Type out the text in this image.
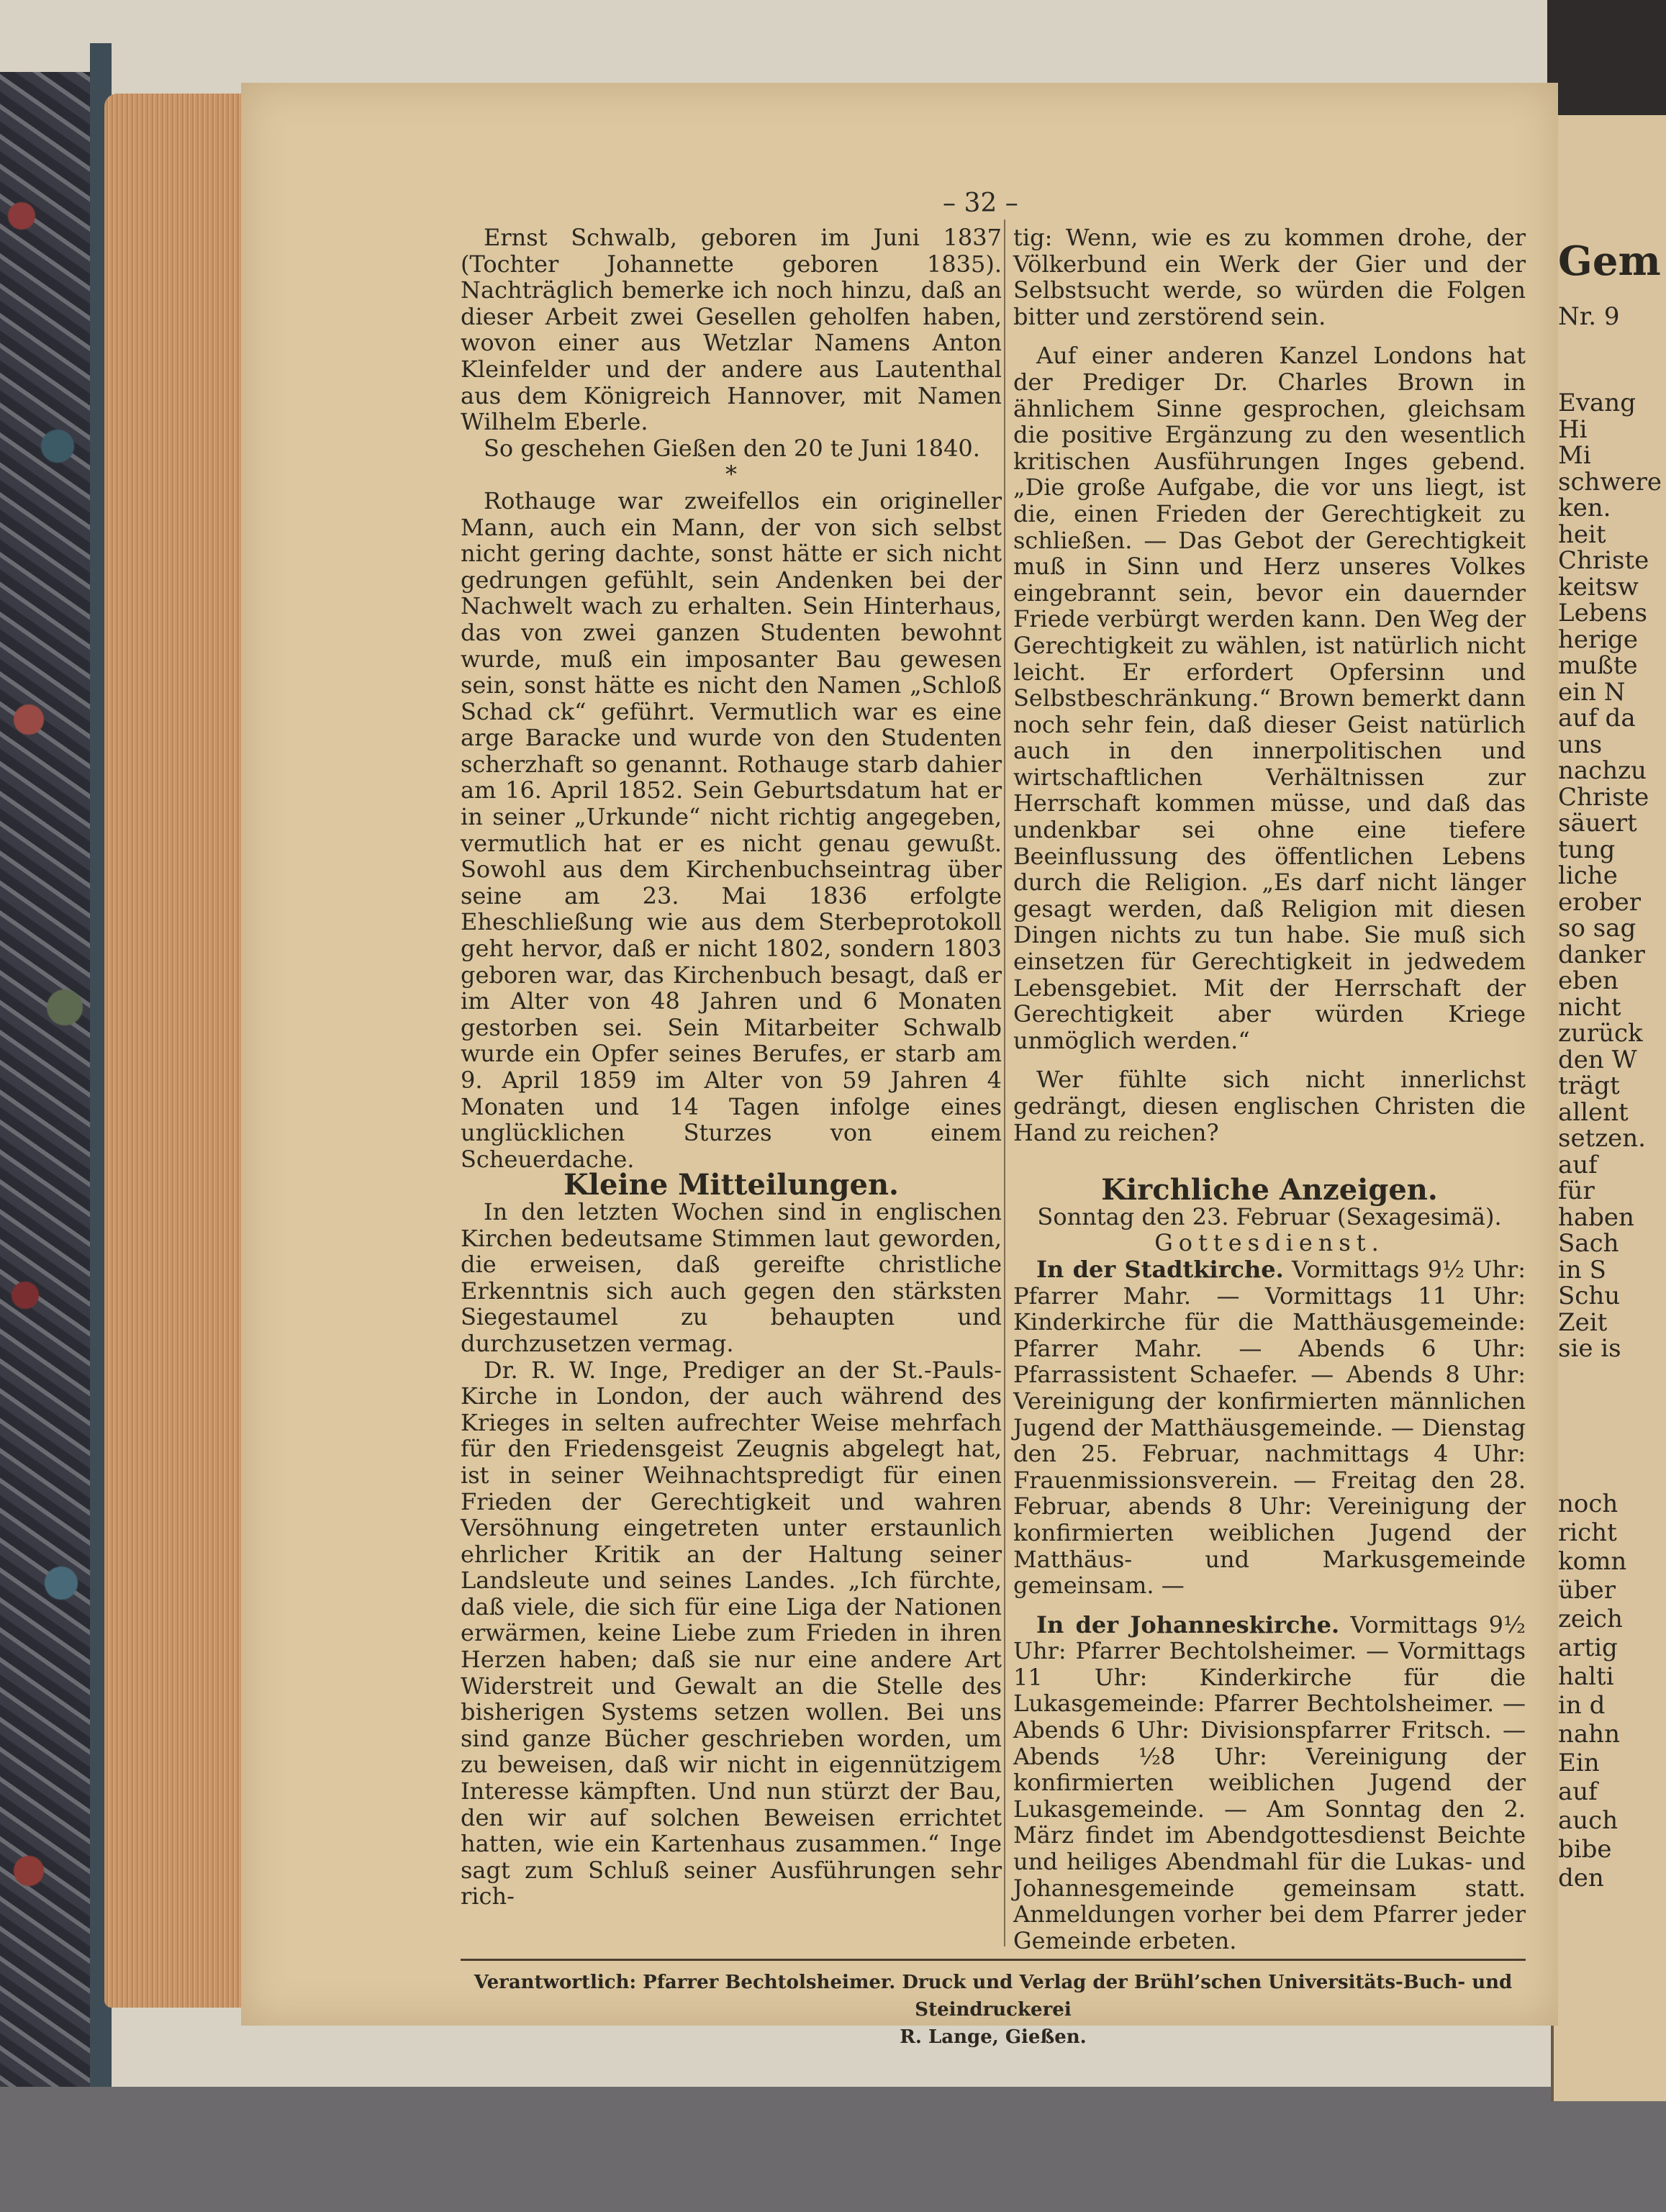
Gem
Nr. 9
Evang
Hi
Mi
schwere
ken.
heit
Christe
keitsw
Lebens
herige
mußte
ein N
auf da
uns
nachzu
Christe
säuert
tung
liche
erober
so sag
danker
eben
nicht
zurück
den W
trägt
allent
setzen.
auf
für
haben
Sach
in S
Schu
Zeit
sie is
noch
richt
komn
über
zeich
artig
halti
in d
nahn
Ein
auf
auch
bibe
den
– 32 –

Ernst Schwalb, geboren im Juni 1837 (Tochter Johannette geboren 1835). Nachträglich bemerke ich noch hinzu, daß an dieser Arbeit zwei Gesellen geholfen haben, wovon einer aus Wetzlar Namens Anton Kleinfelder und der andere aus Lautenthal aus dem Königreich Hannover, mit Namen Wilhelm Eberle.

So geschehen Gießen den 20 te Juni 1840.

*

Rothauge war zweifellos ein origineller Mann, auch ein Mann, der von sich selbst nicht gering dachte, sonst hätte er sich nicht gedrungen gefühlt, sein Andenken bei der Nachwelt wach zu erhalten. Sein Hinterhaus, das von zwei ganzen Studenten bewohnt wurde, muß ein imposanter Bau gewesen sein, sonst hätte es nicht den Namen „Schloß Schad ck“ geführt. Vermutlich war es eine arge Baracke und wurde von den Studenten scherzhaft so genannt. Rothauge starb dahier am 16. April 1852. Sein Geburtsdatum hat er in seiner „Urkunde“ nicht richtig angegeben, vermutlich hat er es nicht genau gewußt. Sowohl aus dem Kirchenbuchseintrag über seine am 23. Mai 1836 erfolgte Eheschließung wie aus dem Sterbeprotokoll geht hervor, daß er nicht 1802, sondern 1803 geboren war, das Kirchenbuch besagt, daß er im Alter von 48 Jahren und 6 Monaten gestorben sei. Sein Mitarbeiter Schwalb wurde ein Opfer seines Berufes, er starb am 9. April 1859 im Alter von 59 Jahren 4 Monaten und 14 Tagen infolge eines unglücklichen Sturzes von einem Scheuerdache.

Kleine Mitteilungen.

In den letzten Wochen sind in englischen Kirchen bedeutsame Stimmen laut geworden, die erweisen, daß gereifte christliche Erkenntnis sich auch gegen den stärksten Siegestaumel zu behaupten und durchzusetzen vermag.

Dr. R. W. Inge, Prediger an der St.-Pauls-Kirche in London, der auch während des Krieges in selten aufrechter Weise mehrfach für den Friedensgeist Zeugnis abgelegt hat, ist in seiner Weihnachtspredigt für einen Frieden der Gerechtigkeit und wahren Versöhnung eingetreten unter erstaunlich ehrlicher Kritik an der Haltung seiner Landsleute und seines Landes. „Ich fürchte, daß viele, die sich für eine Liga der Nationen erwärmen, keine Liebe zum Frieden in ihren Herzen haben; daß sie nur eine andere Art Widerstreit und Gewalt an die Stelle des bisherigen Systems setzen wollen. Bei uns sind ganze Bücher geschrieben worden, um zu beweisen, daß wir nicht in eigennützigem Interesse kämpften. Und nun stürzt der Bau, den wir auf solchen Beweisen errichtet hatten, wie ein Kartenhaus zusammen.“ Inge sagt zum Schluß seiner Ausführungen sehr rich-

tig: Wenn, wie es zu kommen drohe, der Völkerbund ein Werk der Gier und der Selbstsucht werde, so würden die Folgen bitter und zerstörend sein.

Auf einer anderen Kanzel Londons hat der Prediger Dr. Charles Brown in ähnlichem Sinne gesprochen, gleichsam die positive Ergänzung zu den wesentlich kritischen Ausführungen Inges gebend. „Die große Aufgabe, die vor uns liegt, ist die, einen Frieden der Gerechtigkeit zu schließen. — Das Gebot der Gerechtigkeit muß in Sinn und Herz unseres Volkes eingebrannt sein, bevor ein dauernder Friede verbürgt werden kann. Den Weg der Gerechtigkeit zu wählen, ist natürlich nicht leicht. Er erfordert Opfersinn und Selbstbeschränkung.“ Brown bemerkt dann noch sehr fein, daß dieser Geist natürlich auch in den innerpolitischen und wirtschaftlichen Verhältnissen zur Herrschaft kommen müsse, und daß das undenkbar sei ohne eine tiefere Beeinflussung des öffentlichen Lebens durch die Religion. „Es darf nicht länger gesagt werden, daß Religion mit diesen Dingen nichts zu tun habe. Sie muß sich einsetzen für Gerechtigkeit in jedwedem Lebensgebiet. Mit der Herrschaft der Gerechtigkeit aber würden Kriege unmöglich werden.“

Wer fühlte sich nicht innerlichst gedrängt, diesen englischen Christen die Hand zu reichen?

Kirchliche Anzeigen.

Sonntag den 23. Februar (Sexagesimä).

Gottesdienst.

In der Stadtkirche. Vormittags 9½ Uhr: Pfarrer Mahr. — Vormittags 11 Uhr: Kinderkirche für die Matthäusgemeinde: Pfarrer Mahr. — Abends 6 Uhr: Pfarrassistent Schaefer. — Abends 8 Uhr: Vereinigung der konfirmierten männlichen Jugend der Matthäusgemeinde. — Dienstag den 25. Februar, nachmittags 4 Uhr: Frauenmissionsverein. — Freitag den 28. Februar, abends 8 Uhr: Vereinigung der konfirmierten weiblichen Jugend der Matthäus- und Markusgemeinde gemeinsam. —

In der Johanneskirche. Vormittags 9½ Uhr: Pfarrer Bechtolsheimer. — Vormittags 11 Uhr: Kinderkirche für die Lukasgemeinde: Pfarrer Bechtolsheimer. — Abends 6 Uhr: Divisionspfarrer Fritsch. — Abends ½8 Uhr: Vereinigung der konfirmierten weiblichen Jugend der Lukasgemeinde. — Am Sonntag den 2. März findet im Abendgottesdienst Beichte und heiliges Abendmahl für die Lukas- und Johannesgemeinde gemeinsam statt. Anmeldungen vorher bei dem Pfarrer jeder Gemeinde erbeten.

Verantwortlich: Pfarrer Bechtolsheimer. Druck und Verlag der Brühl’schen Universitäts-Buch- und Steindruckerei
R. Lange, Gießen.
